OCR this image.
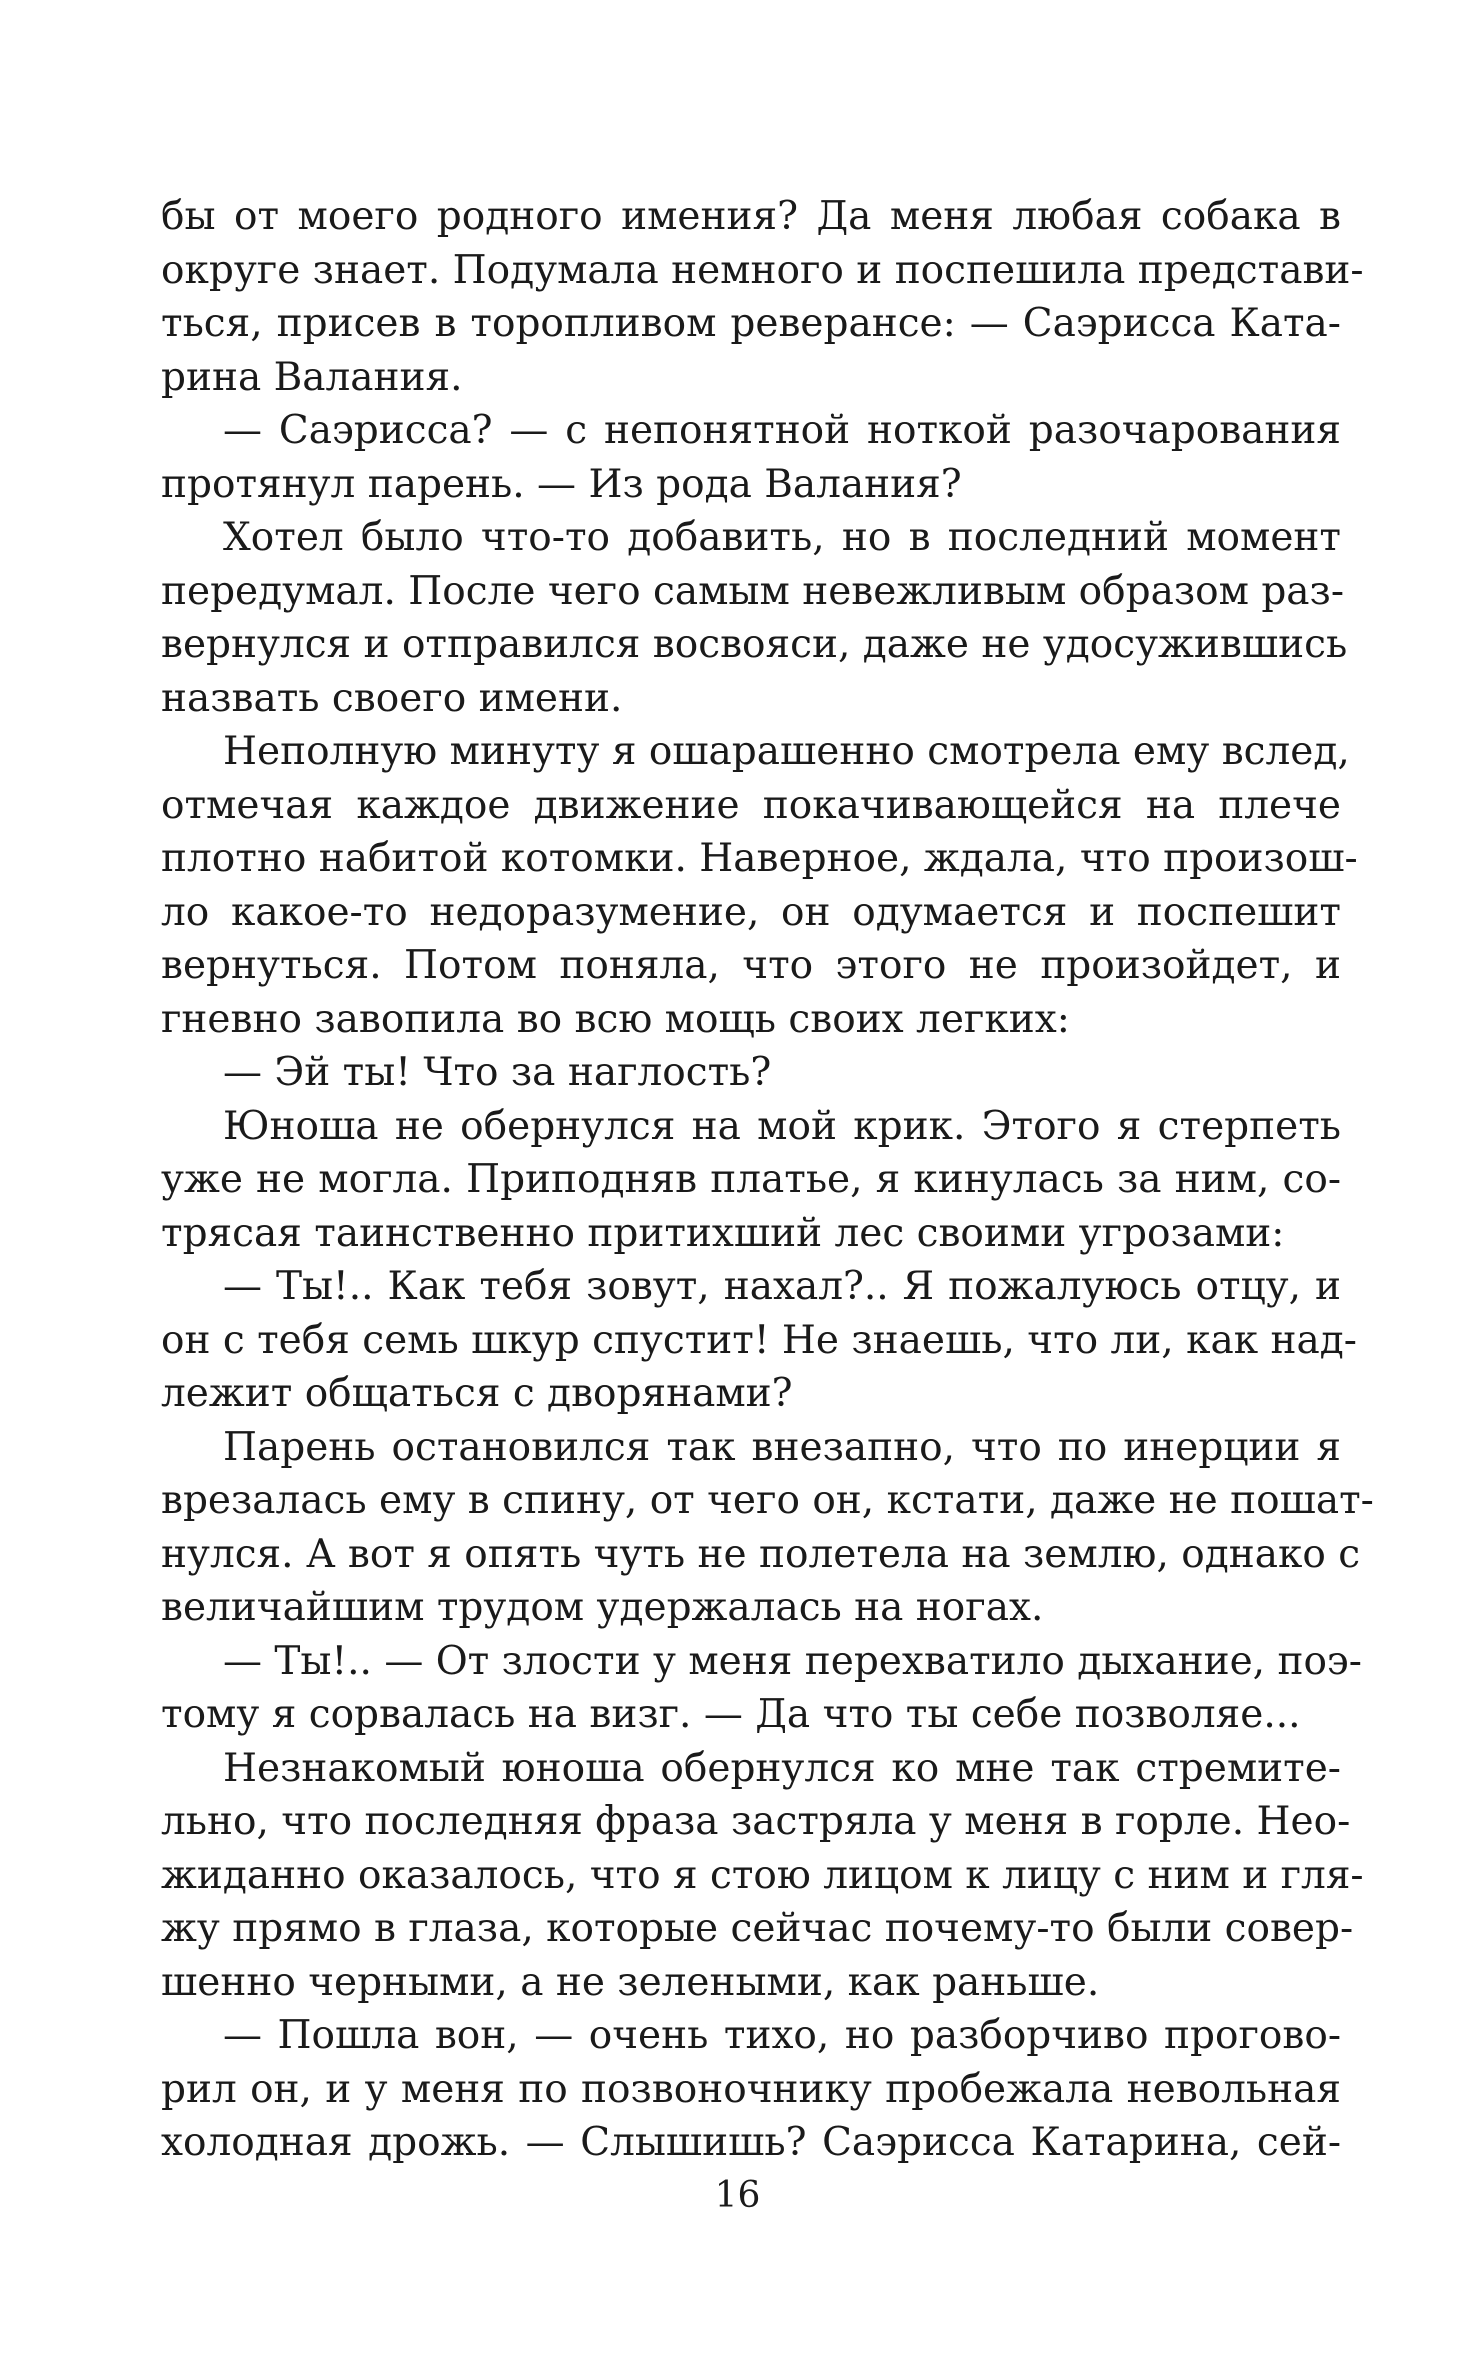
бы от моего родного имения? Да меня любая собака в
округе знает. Подумала немного и поспешила представи-
ться, присев в торопливом реверансе: — Саэрисса Ката-
рина Валания.
— Саэрисса? — с непонятной ноткой разочарования
протянул парень. — Из рода Валания?
Хотел было что-то добавить, но в последний момент
передумал. После чего самым невежливым образом раз-
вернулся и отправился восвояси, даже не удосужившись
назвать своего имени.
Неполную минуту я ошарашенно смотрела ему вслед,
отмечая каждое движение покачивающейся на плече
плотно набитой котомки. Наверное, ждала, что произош-
ло какое-то недоразумение, он одумается и поспешит
вернуться. Потом поняла, что этого не произойдет, и
гневно завопила во всю мощь своих легких:
— Эй ты! Что за наглость?
Юноша не обернулся на мой крик. Этого я стерпеть
уже не могла. Приподняв платье, я кинулась за ним, со-
трясая таинственно притихший лес своими угрозами:
— Ты!.. Как тебя зовут, нахал?.. Я пожалуюсь отцу, и
он с тебя семь шкур спустит! Не знаешь, что ли, как над-
лежит общаться с дворянами?
Парень остановился так внезапно, что по инерции я
врезалась ему в спину, от чего он, кстати, даже не пошат-
нулся. А вот я опять чуть не полетела на землю, однако с
величайшим трудом удержалась на ногах.
— Ты!.. — От злости у меня перехватило дыхание, поэ-
тому я сорвалась на визг. — Да что ты себе позволяе...
Незнакомый юноша обернулся ко мне так стремите-
льно, что последняя фраза застряла у меня в горле. Нео-
жиданно оказалось, что я стою лицом к лицу с ним и гля-
жу прямо в глаза, которые сейчас почему-то были совер-
шенно черными, а не зелеными, как раньше.
— Пошла вон, — очень тихо, но разборчиво прогово-
рил он, и у меня по позвоночнику пробежала невольная
холодная дрожь. — Слышишь? Саэрисса Катарина, сей-
16
